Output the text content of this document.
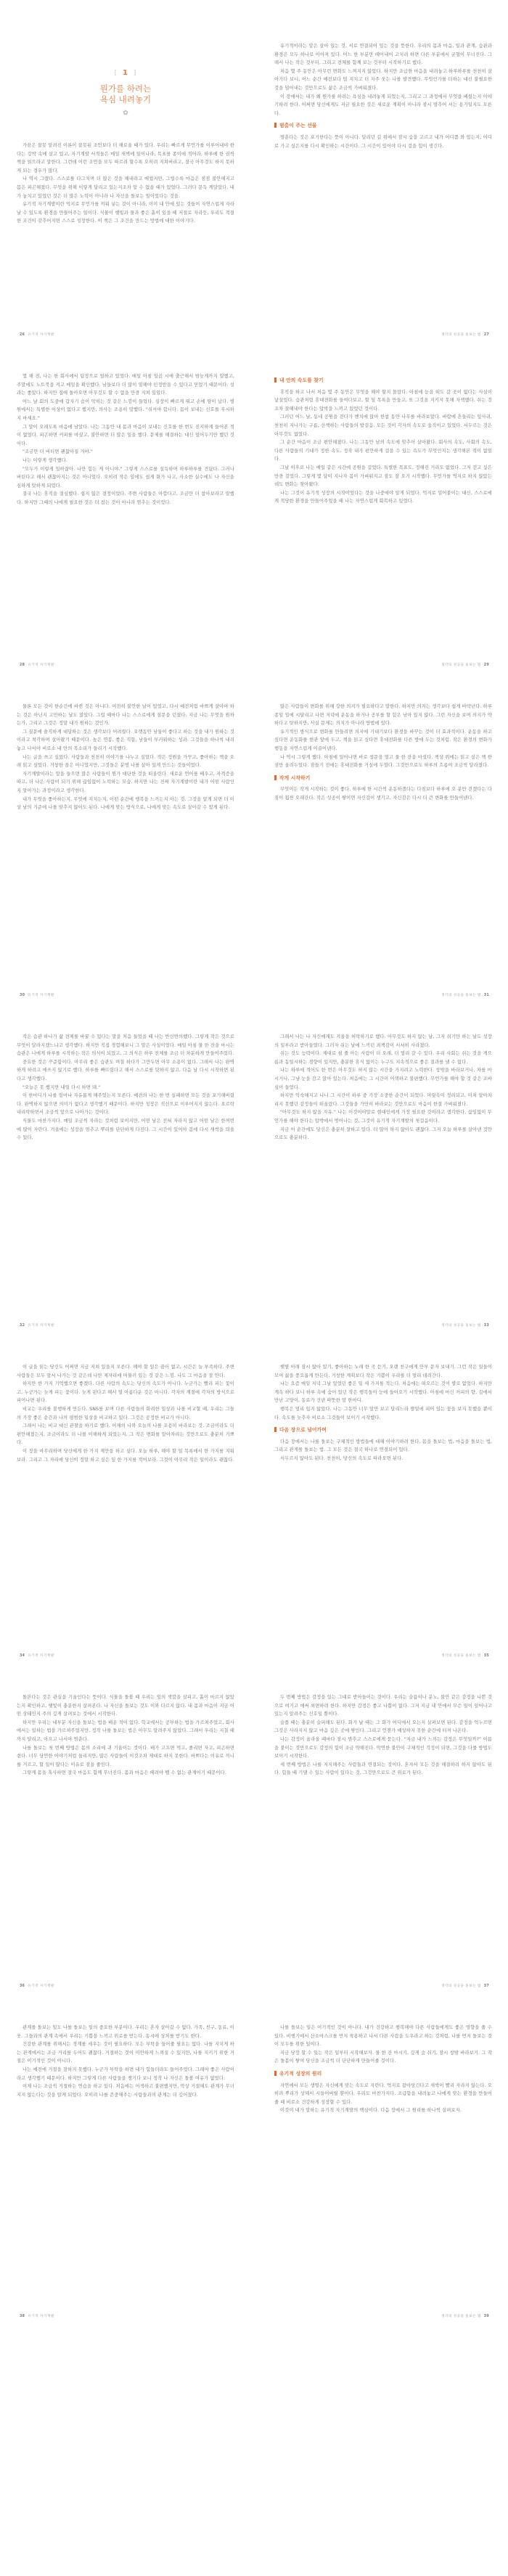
[ 1 ]
뭔가를 하려는
욕심 내려놓기
✿

가끔은 잘못 알려진 이론이 잘못된 조언보다 더 해로울 때가 있다. 우리는 빠르게 무언가를 이루어내야 한다는 강박 속에 살고 있고, 자기계발 서적들은 매일 새벽에 일어나라, 목표를 종이에 적어라, 하루에 한 권씩 책을 읽으라고 말한다. 그런데 이런 조언을 모두 따르려 할수록 오히려 지쳐버리고, 결국 아무것도 하지 못하게 되는 경우가 많다.

나 역시 그랬다. 스스로를 다그치며 더 많은 것을 해내려고 애썼지만, 그럴수록 마음은 점점 불안해지고 몸은 피곤해졌다. 무엇을 위해 이렇게 달리고 있는지조차 알 수 없을 때가 있었다. 그러다 문득 깨달았다. 내가 놓치고 있었던 것은 더 많은 노력이 아니라 나 자신을 돌보는 일이었다는 것을.

유기적 자기계발이란 억지로 무언가를 끼워 넣는 것이 아니라, 이미 내 안에 있는 것들이 자연스럽게 자라날 수 있도록 환경을 만들어주는 일이다. 식물이 햇빛과 물과 좋은 흙이 있을 때 저절로 자라듯, 우리도 적절한 조건이 갖추어지면 스스로 성장한다. 이 책은 그 조건을 만드는 방법에 대한 이야기다.

26 유기적 자기계발

유기적이라는 말은 살아 있는 것, 서로 연결되어 있는 것을 뜻한다. 우리의 몸과 마음, 일과 관계, 습관과 환경은 모두 하나로 이어져 있다. 어느 한 부분만 떼어내어 고치려 하면 다른 부분에서 균형이 무너진다. 그래서 나는 작은 것부터, 그리고 전체를 함께 보는 것부터 시작하기로 했다.

처음 몇 주 동안은 아무런 변화도 느껴지지 않았다. 하지만 조급한 마음을 내려놓고 하루하루를 천천히 살아가다 보니, 어느 순간 예전보다 덜 지치고 더 자주 웃는 나를 발견했다. 무엇인가를 더하는 대신 불필요한 것을 덜어내는 것만으로도 삶은 조금씩 가벼워졌다.

이 장에서는 내가 왜 뭔가를 하려는 욕심을 내려놓게 되었는지, 그리고 그 과정에서 무엇을 배웠는지 이야기하려 한다. 어쩌면 당신에게도 지금 필요한 것은 새로운 계획이 아니라 잠시 멈추어 서는 용기일지도 모른다.

멈춤이 주는 선물

멈춘다는 것은 포기한다는 뜻이 아니다. 달리던 길 위에서 잠시 숨을 고르고 내가 어디쯤 와 있는지, 어디로 가고 싶은지를 다시 확인하는 시간이다. 그 시간이 있어야 다시 걸을 힘이 생긴다.

생각의 성공을 돌보는 법 27

몇 해 전, 나는 한 회사에서 팀장으로 일하고 있었다. 매일 아침 일곱 시에 출근해서 밤늦게까지 일했고, 주말에도 노트북을 켜고 메일을 확인했다. 남들보다 더 많이 일해야 인정받을 수 있다고 믿었기 때문이다. 성과는 좋았다. 하지만 집에 돌아오면 아무것도 할 수 없을 만큼 지쳐 있었다.

어느 날 회의 도중에 갑자기 숨이 막히는 것 같은 느낌이 들었다. 심장이 빠르게 뛰고 손에 땀이 났다. 병원에서는 특별한 이상이 없다고 했지만, 의사는 조용히 말했다. "쉬셔야 합니다. 몸이 보내는 신호를 무시하지 마세요."

그 말이 오래도록 마음에 남았다. 나는 그동안 내 몸과 마음이 보내는 신호를 한 번도 진지하게 들어본 적이 없었다. 피곤하면 커피를 마셨고, 불안하면 더 많은 일을 했다. 문제를 해결하는 대신 덮어두기만 했던 것이다.

"조금만 더 버티면 괜찮아질 거야."

나는 이렇게 생각했다.

"모두가 이렇게 일하잖아. 나만 힘든 게 아니야." 그렇게 스스로를 설득하며 하루하루를 견뎠다. 그러나 버틴다고 해서 괜찮아지는 것은 아니었다. 오히려 작은 일에도 쉽게 화가 나고, 사소한 실수에도 나 자신을 심하게 탓하게 되었다.

결국 나는 휴직을 결심했다. 쉽지 않은 결정이었다. 주변 사람들은 아깝다고, 조금만 더 참아보라고 말했다. 하지만 그때의 나에게 필요한 것은 더 참는 것이 아니라 멈추는 것이었다.

28 유기적 자기계발
내 안의 속도를 찾기

휴직을 하고 나서 처음 몇 주 동안은 무엇을 해야 할지 몰랐다. 아침에 눈을 떠도 갈 곳이 없다는 사실이 낯설었다. 습관처럼 휴대전화를 들여다보고, 할 일 목록을 만들고, 또 그것을 지키지 못해 자책했다. 쉬는 것조차 잘해내야 한다는 압박을 느끼고 있었던 것이다.

그러던 어느 날, 동네 공원을 걷다가 벤치에 앉아 한참 동안 나무를 바라보았다. 바람에 흔들리는 잎사귀, 천천히 지나가는 구름, 산책하는 사람들의 발걸음. 모든 것이 각자의 속도로 움직이고 있었다. 서두르는 것은 아무것도 없었다.

그 순간 마음이 조금 편안해졌다. 나는 그동안 남의 속도에 맞추어 살아왔다. 회사의 속도, 사회의 속도, 다른 사람들의 기대가 정한 속도. 정작 내가 편안하게 걸을 수 있는 속도가 무엇인지는 생각해본 적이 없었다.

그날 이후로 나는 매일 같은 시간에 공원을 걸었다. 특별한 목표도, 정해진 거리도 없었다. 그저 걷고 싶은 만큼 걸었다. 그렇게 몇 달이 지나자 몸이 가벼워지고 잠도 잘 오기 시작했다. 무언가를 억지로 하지 않았는데도 변화는 찾아왔다.

나는 그것이 유기적 성장의 시작이었다는 것을 나중에야 알게 되었다. 억지로 밀어붙이는 대신, 스스로에게 적당한 환경을 만들어주었을 때 나는 자연스럽게 회복하고 있었다.

생각의 성공을 돌보는 법 29

물론 모든 것이 한순간에 바뀐 것은 아니다. 여전히 불안한 날이 있었고, 다시 예전처럼 바쁘게 살아야 하는 것은 아닌지 고민하는 날도 많았다. 그럴 때마다 나는 스스로에게 질문을 던졌다. 지금 나는 무엇을 원하는가, 그리고 그것은 정말 내가 원하는 것인가.

그 질문에 솔직하게 대답하는 것은 생각보다 어려웠다. 오랫동안 남들이 좋다고 하는 것을 내가 원하는 것이라고 착각하며 살아왔기 때문이다. 높은 연봉, 좋은 직함, 남들이 부러워하는 성과. 그것들을 하나씩 내려놓고 나서야 비로소 내 안의 목소리가 들리기 시작했다.

나는 글을 쓰고 싶었다. 사람들과 천천히 이야기를 나누고 싶었다. 작은 정원을 가꾸고, 좋아하는 책을 오래 읽고 싶었다. 거창한 꿈은 아니었지만, 그것들은 분명 나를 살아 있게 만드는 것들이었다.

자기계발이라는 말을 들으면 많은 사람들이 뭔가 대단한 것을 떠올린다. 새로운 언어를 배우고, 자격증을 따고, 더 나은 사람이 되기 위해 끊임없이 노력하는 모습. 하지만 나는 진짜 자기계발이란 내가 어떤 사람인지 알아가는 과정이라고 생각한다.

내가 무엇을 좋아하는지, 무엇에 지치는지, 어떤 순간에 행복을 느끼는지 아는 것. 그것을 알게 되면 더 이상 남의 기준에 나를 맞추지 않아도 된다. 나에게 맞는 방식으로, 나에게 맞는 속도로 살아갈 수 있게 된다.

30 유기적 자기계발

많은 사람들이 변화를 위해 강한 의지가 필요하다고 말한다. 하지만 의지는 생각보다 쉽게 바닥난다. 하루 종일 일에 시달리고 나면 저녁에 운동을 하거나 공부를 할 힘은 남아 있지 않다. 그런 자신을 보며 의지가 약하다고 탓하지만, 사실 문제는 의지가 아니라 방법에 있다.

유기적인 방식으로 변화를 만들려면 의지에 기대기보다 환경을 바꾸는 것이 더 효과적이다. 운동을 하고 싶다면 운동화를 현관 앞에 두고, 책을 읽고 싶다면 휴대전화를 다른 방에 두는 것처럼. 작은 환경의 변화가 행동을 자연스럽게 이끌어낸다.

나 역시 그렇게 했다. 아침에 일어나면 바로 창문을 열고 물 한 잔을 마셨다. 책상 위에는 읽고 싶은 책 한 권만 올려두었다. 잠들기 전에는 휴대전화를 거실에 두었다. 그것만으로도 하루의 흐름이 조금씩 달라졌다.

작게 시작하기

무엇이든 작게 시작하는 것이 좋다. 하루에 한 시간씩 운동하겠다는 다짐보다 하루에 오 분만 걷겠다는 다짐이 훨씬 오래간다. 작은 성공이 쌓이면 자신감이 생기고, 자신감은 다시 더 큰 변화를 만들어낸다.

생각의 성공을 돌보는 법 31

작은 습관 하나가 삶 전체를 바꿀 수 있다는 말을 처음 들었을 때 나는 반신반의했다. 그렇게 작은 것으로 무엇이 달라지겠느냐고 생각했다. 하지만 직접 경험해보니 그 말은 사실이었다. 매일 아침 물 한 잔을 마시는 습관은 나에게 하루를 시작하는 작은 의식이 되었고, 그 의식은 하루 전체를 조금 더 차분하게 만들어주었다.

중요한 것은 꾸준함이다. 아무리 좋은 습관도 며칠 하다가 그만두면 아무 소용이 없다. 그래서 나는 완벽하게 하려고 애쓰지 않기로 했다. 하루를 빠뜨렸다고 해서 스스로를 탓하지 않고, 다음 날 다시 시작하면 된다고 생각했다.

"오늘은 못 했지만 내일 다시 하면 돼."

이 한마디가 나를 얼마나 자유롭게 해주었는지 모른다. 예전의 나는 한 번 실패하면 모든 것을 포기해버렸다. 완벽하지 않으면 의미가 없다고 생각했기 때문이다. 하지만 성장은 직선으로 이루어지지 않는다. 오르락내리락하면서 조금씩 앞으로 나아가는 것이다.

식물도 마찬가지다. 매일 조금씩 자라는 것처럼 보이지만, 어떤 날은 전혀 자라지 않고 어떤 날은 한꺼번에 많이 자란다. 겨울에는 성장을 멈추고 뿌리를 단단하게 다진다. 그 시간이 있어야 봄에 다시 새싹을 틔울 수 있다.

32 유기적 자기계발

그래서 나는 나 자신에게도 겨울을 허락하기로 했다. 아무것도 하지 않는 날, 그저 쉬기만 하는 날도 성장의 일부라고 받아들였다. 그러자 쉬는 날에 느끼던 죄책감이 서서히 사라졌다.

쉬는 것도 능력이다. 제대로 쉴 줄 아는 사람이 더 오래, 더 멀리 갈 수 있다. 우리 사회는 쉬는 것을 게으름과 동일시하는 경향이 있지만, 충분한 휴식 없이는 누구도 지속적으로 좋은 결과를 낼 수 없다.

나는 하루에 적어도 한 번은 아무것도 하지 않는 시간을 가지려고 노력한다. 창밖을 바라보거나, 차를 마시거나, 그냥 눈을 감고 앉아 있는다. 처음에는 그 시간이 어색하고 불편했다. 무언가를 해야 할 것 같은 조바심이 들었다.

하지만 익숙해지고 나니 그 시간이 하루 중 가장 소중한 순간이 되었다. 머릿속이 정리되고, 미처 알아차리지 못했던 감정들이 떠올랐다. 그것들을 가만히 바라보는 것만으로도 마음이 한결 가벼워졌다.

"아무것도 하지 않을 자유." 나는 이것이야말로 현대인에게 가장 필요한 것이라고 생각한다. 끊임없이 무언가를 해야 한다는 압박에서 벗어나는 것, 그것이 유기적 자기계발의 첫걸음이다.

지금 이 순간에도 당신은 충분히 잘하고 있다. 더 많이 하지 않아도 괜찮다. 그저 오늘 하루를 살아낸 것만으로도 충분하다.

생각의 성공을 돌보는 법 33

이 글을 읽는 당신도 어쩌면 지금 지쳐 있을지 모른다. 해야 할 일은 끝이 없고, 시간은 늘 부족하다. 주변 사람들은 모두 앞서 나가는 것 같은데 나만 제자리에 머물러 있는 것 같은 느낌. 나도 그 마음을 잘 안다.

하지만 한 가지 기억했으면 좋겠다. 다른 사람의 속도는 당신의 속도가 아니다. 누군가는 빨리 피는 꽃이고, 누군가는 늦게 피는 꽃이다. 늦게 핀다고 해서 덜 아름다운 것은 아니다. 각자의 계절에 각자의 방식으로 피어나면 된다.

비교는 우리를 불행하게 만든다. SNS를 보며 다른 사람들의 화려한 일상과 나를 비교할 때, 우리는 그들의 가장 좋은 순간과 나의 평범한 일상을 비교하고 있다. 그것은 공정한 비교가 아니다.

그래서 나는 비교 대신 관찰을 하기로 했다. 어제의 나와 오늘의 나를 조용히 바라보는 것. 조금이라도 더 편안해졌는지, 조금이라도 더 나를 이해하게 되었는지. 그 작은 변화를 알아차리는 것만으로도 충분히 기쁘다.

이 장을 마무리하며 당신에게 한 가지 제안을 하고 싶다. 오늘 하루, 해야 할 일 목록에서 한 가지를 지워보라. 그리고 그 자리에 당신이 정말 하고 싶은 일 한 가지를 적어보라. 그것이 아무리 작은 일이라도 괜찮다.

34 유기적 자기계발

햇볕 아래 잠시 앉아 있기, 좋아하는 노래 한 곡 듣기, 오랜 친구에게 안부 문자 보내기. 그런 작은 일들이 모여 삶을 풍요롭게 만든다. 거창한 계획보다 작은 기쁨이 우리를 더 멀리 데려간다.

나는 요즘 매일 저녁 그날 있었던 좋은 일 세 가지를 적는다. 처음에는 떠오르는 것이 별로 없었다. 하지만 계속 하다 보니 하루 속에 숨어 있던 작은 행복들이 눈에 들어오기 시작했다. 아침에 마신 커피의 향, 길에서 만난 고양이, 동료가 건넨 따뜻한 말 한마디.

행복은 멀리 있지 않았다. 나는 그동안 너무 앞만 보고 달리느라 발밑에 피어 있는 꽃을 보지 못했을 뿐이다. 속도를 늦추자 비로소 그것들이 보이기 시작했다.

다음 장으로 넘어가며

다음 장에서는 나를 돌보는 구체적인 방법들에 대해 이야기하려 한다. 몸을 돌보는 법, 마음을 돌보는 법, 그리고 관계를 돌보는 법. 그 모든 것은 결국 하나로 연결되어 있다.

서두르지 않아도 된다. 천천히, 당신의 속도로 따라오면 된다.

생각의 성공을 돌보는 법 35

돌본다는 것은 관심을 기울인다는 뜻이다. 식물을 돌볼 때 우리는 잎의 색깔을 살피고, 흙이 마르지 않았는지 확인하고, 햇빛이 충분한지 살펴본다. 나 자신을 돌보는 것도 이와 다르지 않다. 내 몸과 마음이 지금 어떤 상태인지 주의 깊게 살펴보는 것에서 시작한다.

하지만 우리는 대부분 자신을 돌보는 법을 배운 적이 없다. 학교에서는 공부하는 법을 가르쳐주었고, 회사에서는 일하는 법을 가르쳐주었지만, 정작 나를 돌보는 법은 아무도 알려주지 않았다. 그래서 우리는 지칠 때까지 달리고, 아프고 나서야 멈춘다.

나를 돌보는 첫 번째 방법은 몸의 소리에 귀 기울이는 것이다. 배가 고프면 먹고, 졸리면 자고, 피곤하면 쉰다. 너무 당연한 이야기처럼 들리지만, 많은 사람들이 이것조차 제대로 하지 못한다. 바쁘다는 이유로 끼니를 거르고, 할 일이 많다는 이유로 잠을 줄인다.

그렇게 몸을 혹사하면 결국 마음도 함께 무너진다. 몸과 마음은 떼려야 뗄 수 없는 관계이기 때문이다.

36 유기적 자기계발

두 번째 방법은 감정을 있는 그대로 받아들이는 것이다. 우리는 슬픔이나 분노, 불안 같은 감정을 나쁜 것으로 여기고 애써 외면하려 한다. 하지만 감정은 좋고 나쁨이 없다. 그저 지금 내 안에서 무슨 일이 일어나고 있는지 알려주는 신호일 뿐이다.

슬플 때는 충분히 슬퍼해도 된다. 화가 날 때는 그 화가 어디에서 오는지 살펴보면 된다. 감정을 억누르면 그것은 사라지지 않고 마음 깊은 곳에 쌓인다. 그리고 언젠가 예상하지 못한 순간에 터져 나온다.

나는 감정이 올라올 때마다 잠시 멈추고 스스로에게 묻는다. "지금 내가 느끼는 감정은 무엇일까?" 이름을 붙이는 것만으로도 감정의 힘이 조금 약해진다. 막연한 불안이 구체적인 걱정이 되면, 그것을 다룰 방법도 보이기 시작한다.

세 번째 방법은 나를 지지해주는 사람들과 연결되는 것이다. 혼자서 모든 것을 해결하려 하지 않아도 된다. 힘들 때 기댈 수 있는 사람이 있다는 것, 그것만으로도 큰 위로가 된다.

생각의 성공을 돌보는 법 37

관계를 돌보는 일도 나를 돌보는 일의 중요한 부분이다. 우리는 혼자 살아갈 수 없다. 가족, 친구, 동료, 이웃. 그들과의 관계 속에서 우리는 기쁨을 느끼고 위로를 받는다. 동시에 상처를 받기도 한다.

건강한 관계를 위해서는 경계를 세우는 것이 필요하다. 모든 부탁을 들어줄 필요는 없다. 나를 지치게 하는 관계에서는 조금 거리를 두어도 괜찮다. 거절하는 것이 미안하게 느껴질 수 있지만, 나를 지키기 위한 거절은 이기적인 것이 아니다.

나는 예전에 거절을 잘하지 못했다. 누군가 부탁을 하면 내가 힘들더라도 들어주었다. 그래야 좋은 사람이라고 생각했기 때문이다. 하지만 그렇게 다른 사람들을 챙기다 보니 정작 나 자신은 돌볼 여유가 없었다.

이제 나는 조금씩 거절하는 연습을 하고 있다. 처음에는 어색하고 불편했지만, 막상 거절해도 관계가 무너지지 않는다는 것을 알게 되었다. 오히려 나를 존중해주는 사람들과의 관계는 더 깊어졌다.

38 유기적 자기계발

나를 돌보는 일은 이기적인 것이 아니다. 내가 건강하고 행복해야 다른 사람들에게도 좋은 영향을 줄 수 있다. 비행기에서 산소마스크를 먼저 착용하고 나서 다른 사람을 도우라고 하는 것처럼, 나를 먼저 돌보는 것이 모두를 위한 일이다.

지금 당장 할 수 있는 작은 일부터 시작해보자. 물 한 잔 마시기, 깊게 숨 쉬기, 잠시 창밖 바라보기. 그 작은 돌봄이 쌓여 당신을 조금씩 더 단단하게 만들어줄 것이다.

유기적 성장의 원리

자연에서 모든 생명은 자신에게 맞는 속도로 자란다. 억지로 잡아당긴다고 새싹이 빨리 자라지 않는다. 오히려 뿌리가 상해서 시들어버릴 뿐이다. 우리도 마찬가지다. 조급함을 내려놓고 나에게 맞는 환경을 만들어줄 때 비로소 건강하게 성장할 수 있다.

이것이 내가 말하는 유기적 자기계발의 핵심이다. 다음 장에서 그 원리를 하나씩 살펴보자.

생각의 성공을 돌보는 법 39
